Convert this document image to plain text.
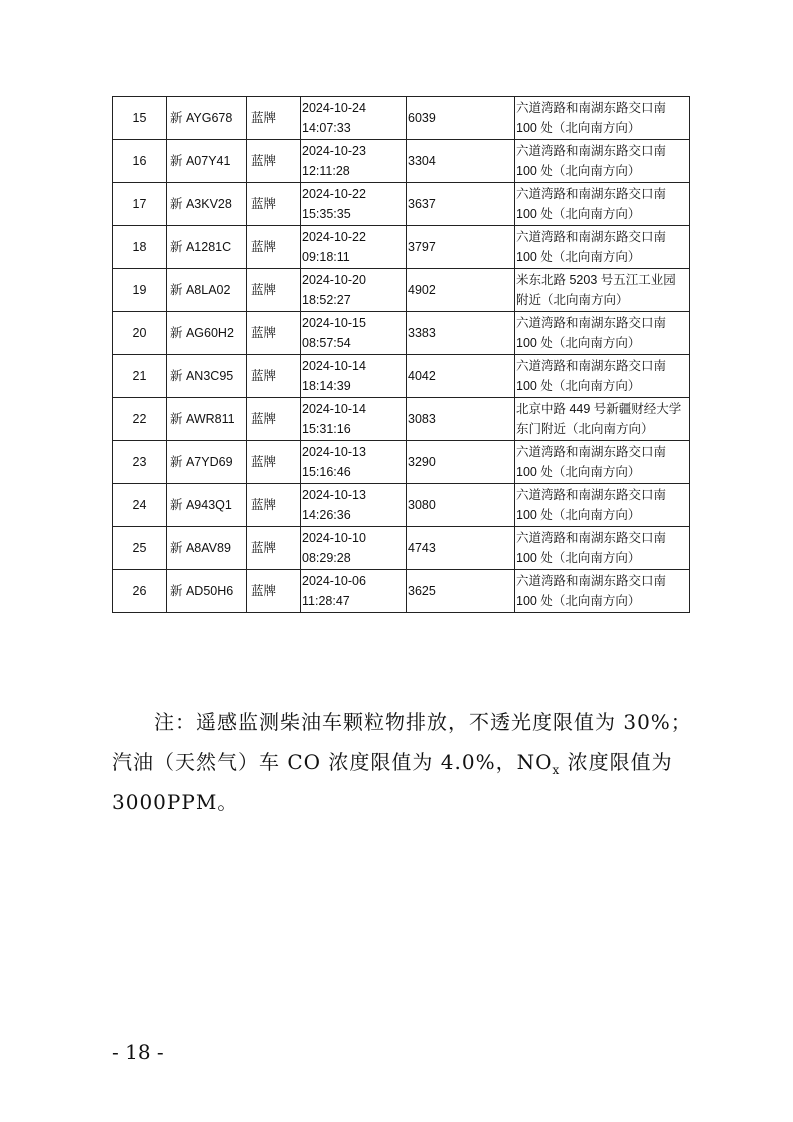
15	新 AYG678	蓝牌	2024-10-24
14:07:33	6039	六道湾路和南湖东路交口南
100 处（北向南方向）

16	新 A07Y41	蓝牌	2024-10-23
12:11:28	3304	六道湾路和南湖东路交口南
100 处（北向南方向）

17	新 A3KV28	蓝牌	2024-10-22
15:35:35	3637	六道湾路和南湖东路交口南
100 处（北向南方向）

18	新 A1281C	蓝牌	2024-10-22
09:18:11	3797	六道湾路和南湖东路交口南
100 处（北向南方向）

19	新 A8LA02	蓝牌	2024-10-20
18:52:27	4902	米东北路 5203 号五江工业园
附近（北向南方向）

20	新 AG60H2	蓝牌	2024-10-15
08:57:54	3383	六道湾路和南湖东路交口南
100 处（北向南方向）

21	新 AN3C95	蓝牌	2024-10-14
18:14:39	4042	六道湾路和南湖东路交口南
100 处（北向南方向）

22	新 AWR811	蓝牌	2024-10-14
15:31:16	3083	北京中路 449 号新疆财经大学
东门附近（北向南方向）

23	新 A7YD69	蓝牌	2024-10-13
15:16:46	3290	六道湾路和南湖东路交口南
100 处（北向南方向）

24	新 A943Q1	蓝牌	2024-10-13
14:26:36	3080	六道湾路和南湖东路交口南
100 处（北向南方向）

25	新 A8AV89	蓝牌	2024-10-10
08:29:28	4743	六道湾路和南湖东路交口南
100 处（北向南方向）

26	新 AD50H6	蓝牌	2024-10-06
11:28:47	3625	六道湾路和南湖东路交口南
100 处（北向南方向）
注：遥感监测柴油车颗粒物排放，不透光度限值为 30%；
汽油（天然气）车 CO 浓度限值为 4.0%，$NO_x$ 浓度限值为
3000PPM。
- 18 -
